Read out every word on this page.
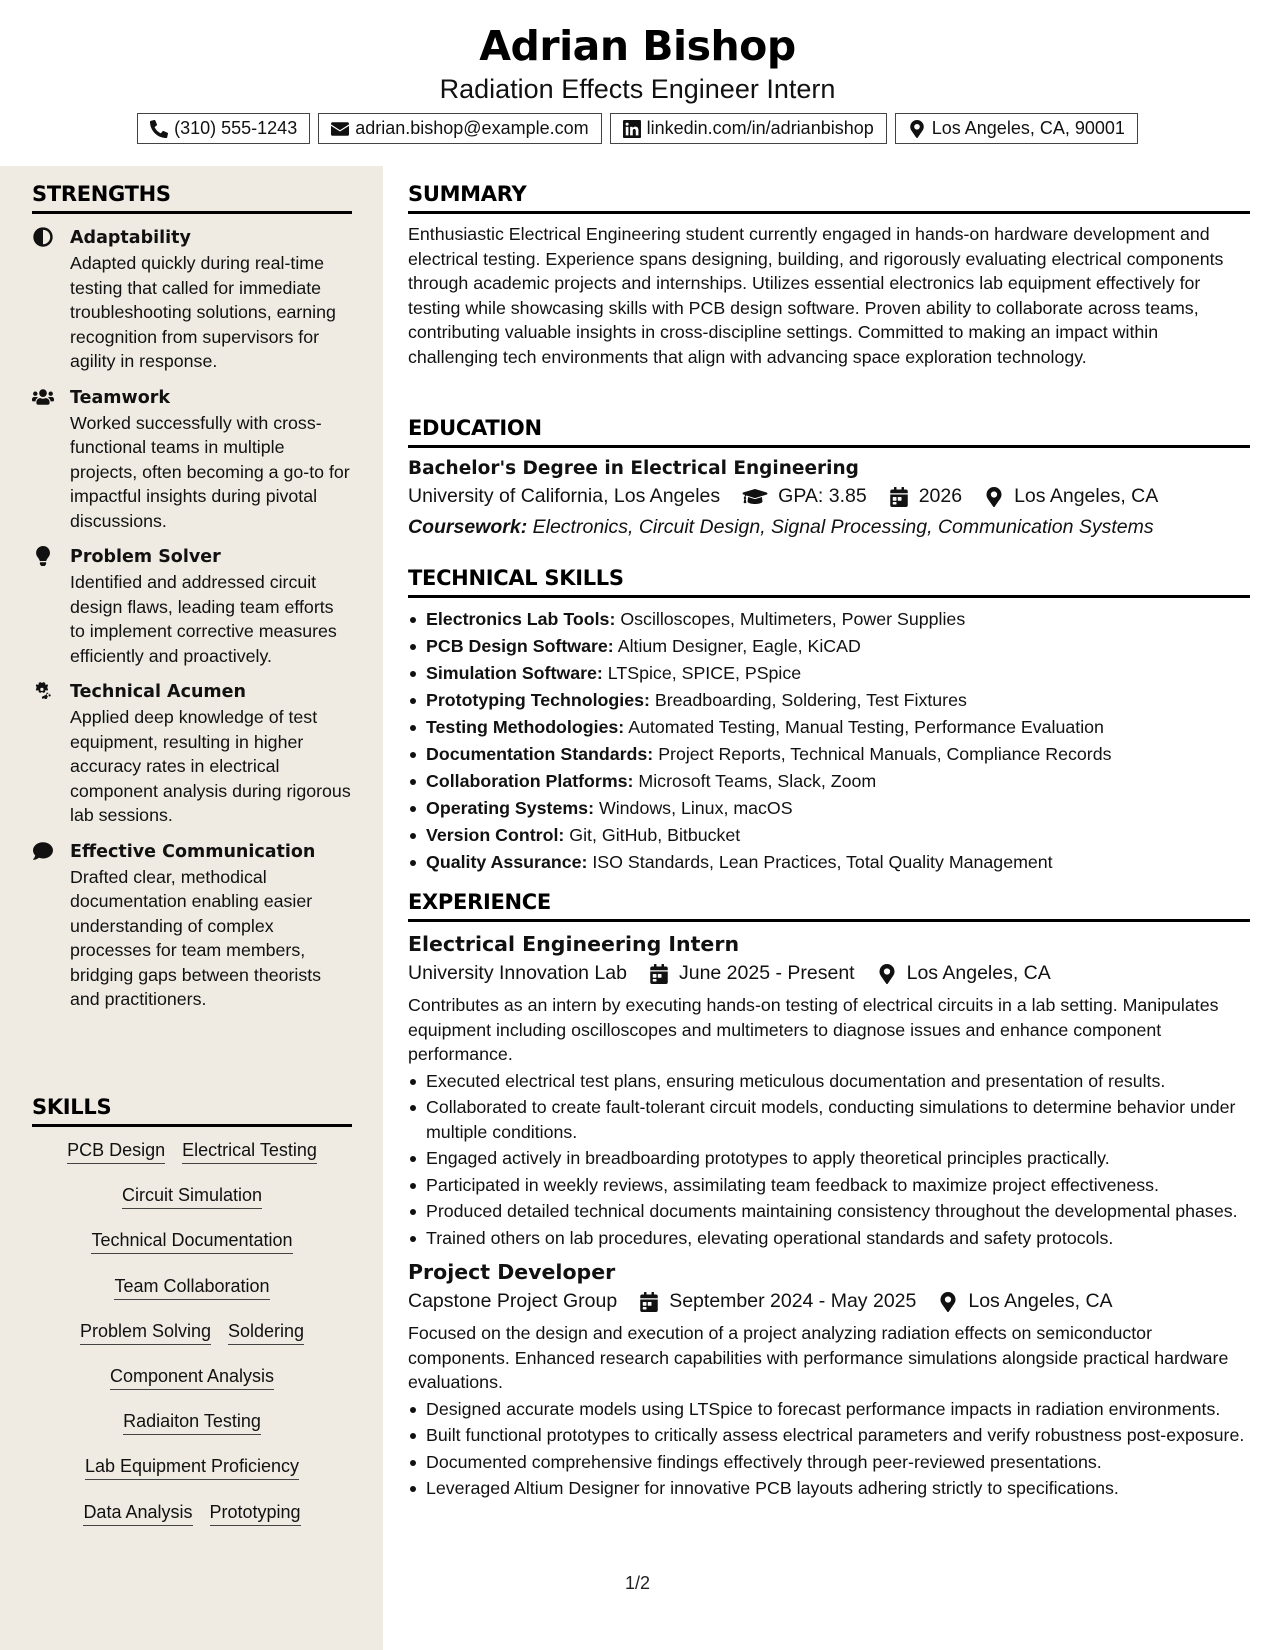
Adrian Bishop
Radiation Effects Engineer Intern
(310) 555-1243	adrian.bishop@example.com	linkedin.com/in/adrianbishop	Los Angeles, CA, 90001
STRENGTHS
Adaptability
Adapted quickly during real-time testing that called for immediate troubleshooting solutions, earning recognition from supervisors for agility in response.
Teamwork
Worked successfully with cross-functional teams in multiple projects, often becoming a go-to for impactful insights during pivotal discussions.
Problem Solver
Identified and addressed circuit design flaws, leading team efforts to implement corrective measures efficiently and proactively.
Technical Acumen
Applied deep knowledge of test equipment, resulting in higher accuracy rates in electrical component analysis during rigorous lab sessions.
Effective Communication
Drafted clear, methodical documentation enabling easier understanding of complex processes for team members, bridging gaps between theorists and practitioners.
SKILLS
PCB Design Electrical Testing
Circuit Simulation
Technical Documentation
Team Collaboration
Problem Solving Soldering
Component Analysis
Radiaiton Testing
Lab Equipment Proficiency
Data Analysis Prototyping
SUMMARY
Enthusiastic Electrical Engineering student currently engaged in hands-on hardware development and electrical testing. Experience spans designing, building, and rigorously evaluating electrical components through academic projects and internships. Utilizes essential electronics lab equipment effectively for testing while showcasing skills with PCB design software. Proven ability to collaborate across teams, contributing valuable insights in cross-discipline settings. Committed to making an impact within challenging tech environments that align with advancing space exploration technology.
EDUCATION
Bachelor's Degree in Electrical Engineering
University of California, Los Angeles	GPA: 3.85	2026	Los Angeles, CA
Coursework: Electronics, Circuit Design, Signal Processing, Communication Systems
TECHNICAL SKILLS
Electronics Lab Tools: Oscilloscopes, Multimeters, Power Supplies
PCB Design Software: Altium Designer, Eagle, KiCAD
Simulation Software: LTSpice, SPICE, PSpice
Prototyping Technologies: Breadboarding, Soldering, Test Fixtures
Testing Methodologies: Automated Testing, Manual Testing, Performance Evaluation
Documentation Standards: Project Reports, Technical Manuals, Compliance Records
Collaboration Platforms: Microsoft Teams, Slack, Zoom
Operating Systems: Windows, Linux, macOS
Version Control: Git, GitHub, Bitbucket
Quality Assurance: ISO Standards, Lean Practices, Total Quality Management
EXPERIENCE
Electrical Engineering Intern
University Innovation Lab	June 2025 - Present	Los Angeles, CA
Contributes as an intern by executing hands-on testing of electrical circuits in a lab setting. Manipulates equipment including oscilloscopes and multimeters to diagnose issues and enhance component performance.
Executed electrical test plans, ensuring meticulous documentation and presentation of results.
Collaborated to create fault-tolerant circuit models, conducting simulations to determine behavior under multiple conditions.
Engaged actively in breadboarding prototypes to apply theoretical principles practically.
Participated in weekly reviews, assimilating team feedback to maximize project effectiveness.
Produced detailed technical documents maintaining consistency throughout the developmental phases.
Trained others on lab procedures, elevating operational standards and safety protocols.
Project Developer
Capstone Project Group	September 2024 - May 2025	Los Angeles, CA
Focused on the design and execution of a project analyzing radiation effects on semiconductor components. Enhanced research capabilities with performance simulations alongside practical hardware evaluations.
Designed accurate models using LTSpice to forecast performance impacts in radiation environments.
Built functional prototypes to critically assess electrical parameters and verify robustness post-exposure.
Documented comprehensive findings effectively through peer-reviewed presentations.
Leveraged Altium Designer for innovative PCB layouts adhering strictly to specifications.
1/2
